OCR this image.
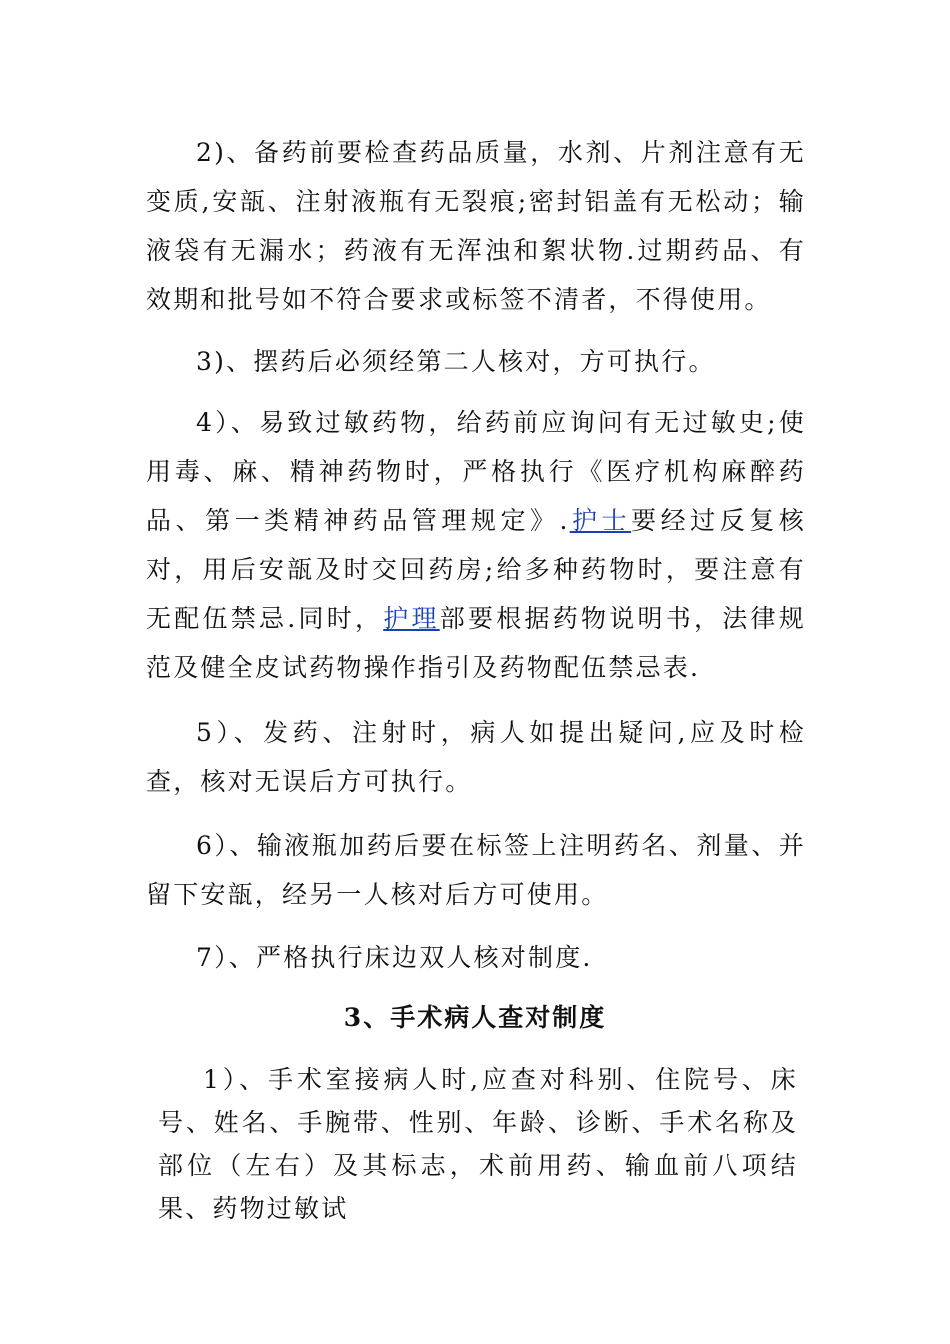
2)、备药前要检查药品质量，水剂、片剂注意有无变质,安瓿、注射液瓶有无裂痕;密封铝盖有无松动；输液袋有无漏水；药液有无浑浊和絮状物.过期药品、有效期和批号如不符合要求或标签不清者，不得使用。

3)、摆药后必须经第二人核对，方可执行。

4）、易致过敏药物，给药前应询问有无过敏史;使用毒、麻、精神药物时，严格执行《医疗机构麻醉药品、第一类精神药品管理规定》.护士要经过反复核对，用后安瓿及时交回药房;给多种药物时，要注意有无配伍禁忌.同时，护理部要根据药物说明书，法律规范及健全皮试药物操作指引及药物配伍禁忌表.

5）、发药、注射时，病人如提出疑问,应及时检查，核对无误后方可执行。

6）、输液瓶加药后要在标签上注明药名、剂量、并留下安瓿，经另一人核对后方可使用。

7）、严格执行床边双人核对制度.

3、手术病人查对制度

1）、手术室接病人时,应查对科别、住院号、床号、姓名、手腕带、性别、年龄、诊断、手术名称及部位（左右）及其标志，术前用药、输血前八项结果、药物过敏试
